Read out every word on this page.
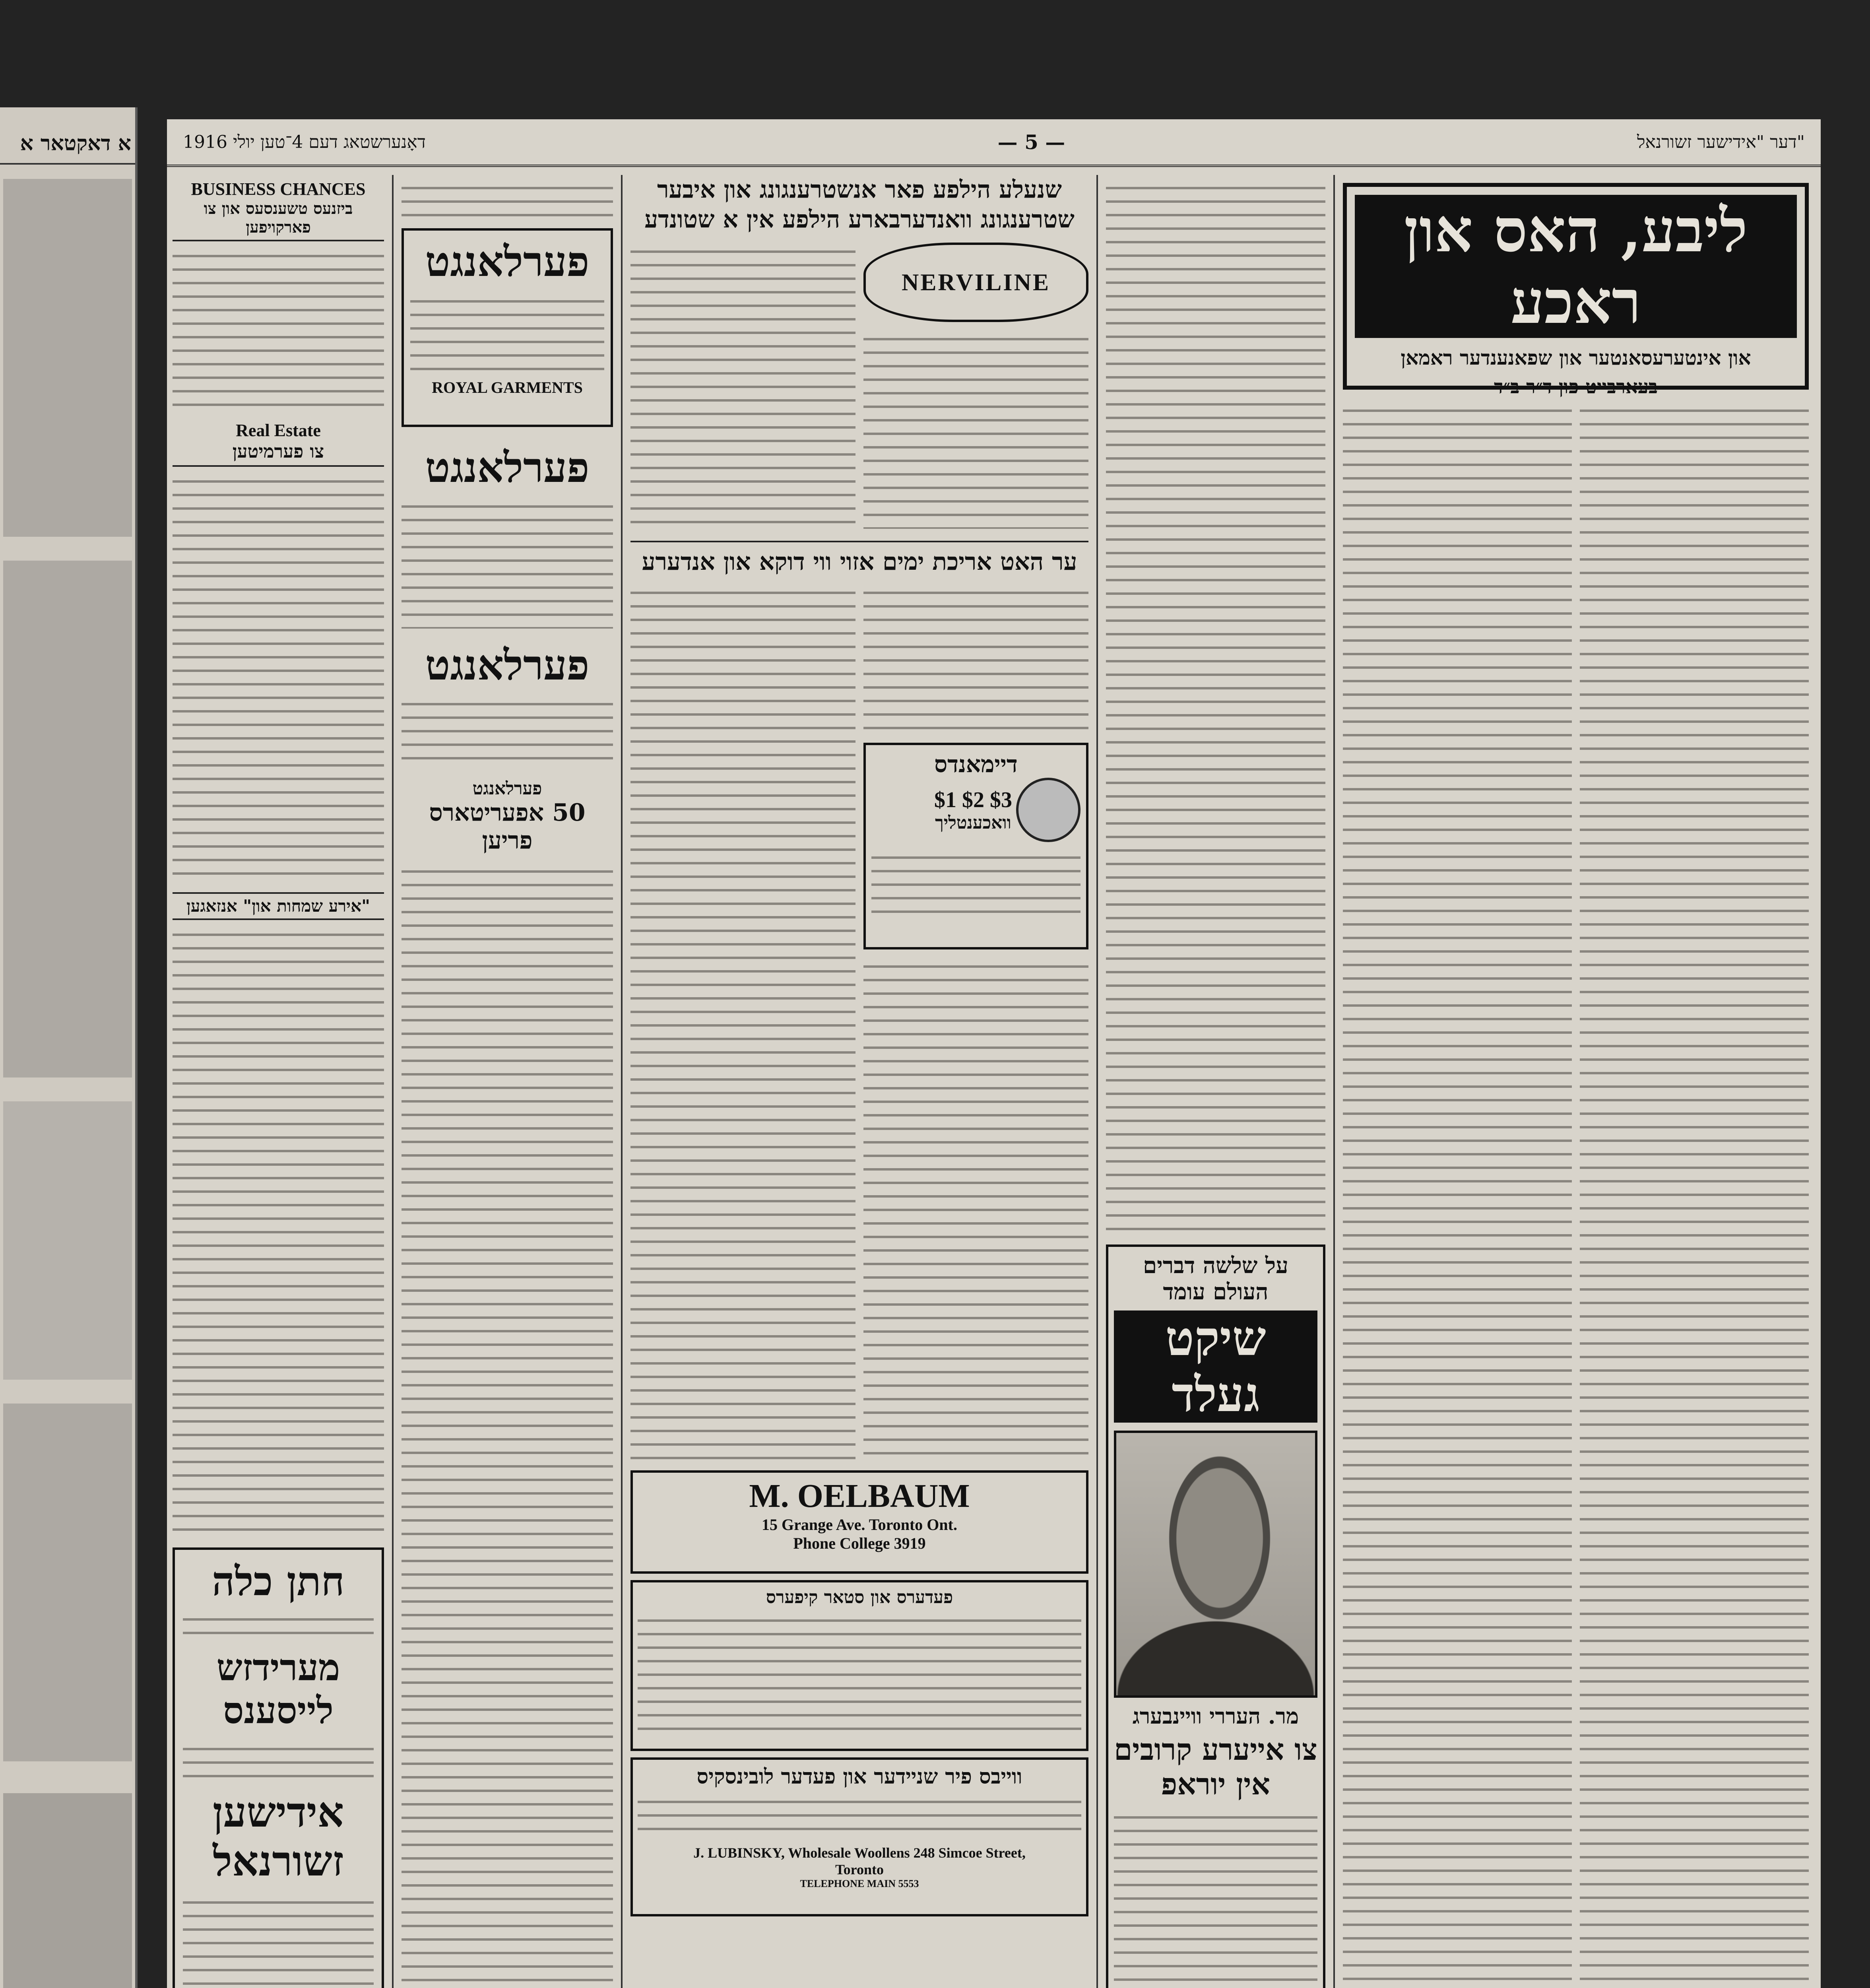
א דאקטאר א	דאָנערשטאג דעם 4־טען יולי 1916	— 5 —	דער "אידישער זשורנאל"
BUSINESS CHANCES
ביזנעס טשענסעס און צו פארקויפען
Real Estate
צו פערמיטען
"אירע שמחות און" אנזאגען
חתן כלה
מערידזש
לייסענס
אידישען
זשורנאל
פערלאנגט
ROYAL GARMENTS
פערלאנגט
פערלאנגט
פערלאנגט
50 אפעריטארס פריען
שנעלע הילפע פאר אנשטרענגונג און איבער שטרענגונג וואנדערבארע הילפע אין א שטונדע
NERVILINE
ער האט אריכת ימים אזוי ווי דוקא און אנדערע
דיימאנדס
$1 $2 $3
וואכענטליך
M. OELBAUM
15 Grange Ave. Toronto Ont.
Phone College 3919
פעדערס און סטאר קיפערס
ווייבס פיר שניידער און פעדער לובינסקיס
J. LUBINSKY, Wholesale Woollens 248 Simcoe Street,
Toronto
TELEPHONE MAIN 5553
על שלשה דברים העולם עומד
שיקט געלד
מר. העררי וויינבערג
צו אייערע קרובים אין יוראפ
ליבע, האס און ראכע
און אינטערעסאנטער און שפאנענדער ראמאן
בעארבייט פון ד״ר ב״ד
